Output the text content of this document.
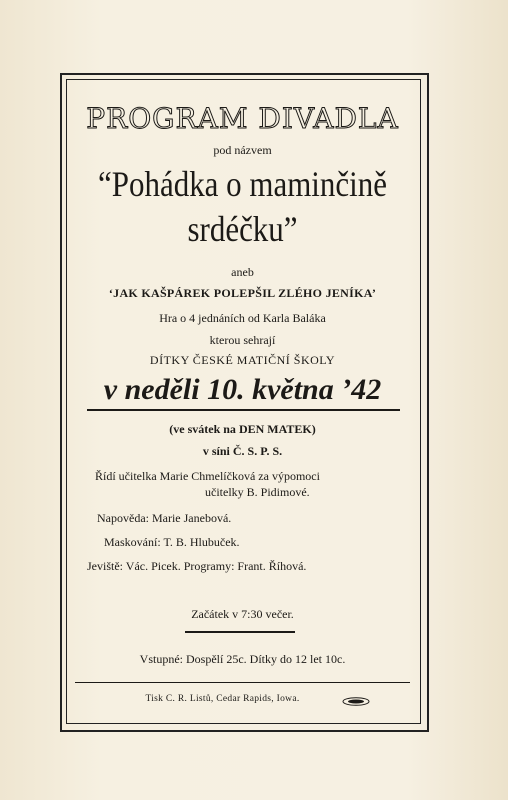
PROGRAM DIVADLA
pod názvem
“Pohádka o maminčině
srdéčku”
aneb
‘JAK KAŠPÁREK POLEPŠIL ZLÉHO JENÍKA’
Hra o 4 jednáních od Karla Baláka
kterou sehrají
DÍTKY ČESKÉ MATIČNÍ ŠKOLY
v neděli 10. května ’42
(ve svátek na DEN MATEK)
v síni Č. S. P. S.
Řídí učitelka Marie Chmelíčková za výpomoci
učitelky B. Pidimové.
Napověda: Marie Janebová.
Maskování: T. B. Hlubuček.
Jeviště: Vác. Picek. Programy: Frant. Říhová.
Začátek v 7:30 večer.
Vstupné: Dospělí 25c. Dítky do 12 let 10c.
Tisk C. R. Listů, Cedar Rapids, Iowa.
